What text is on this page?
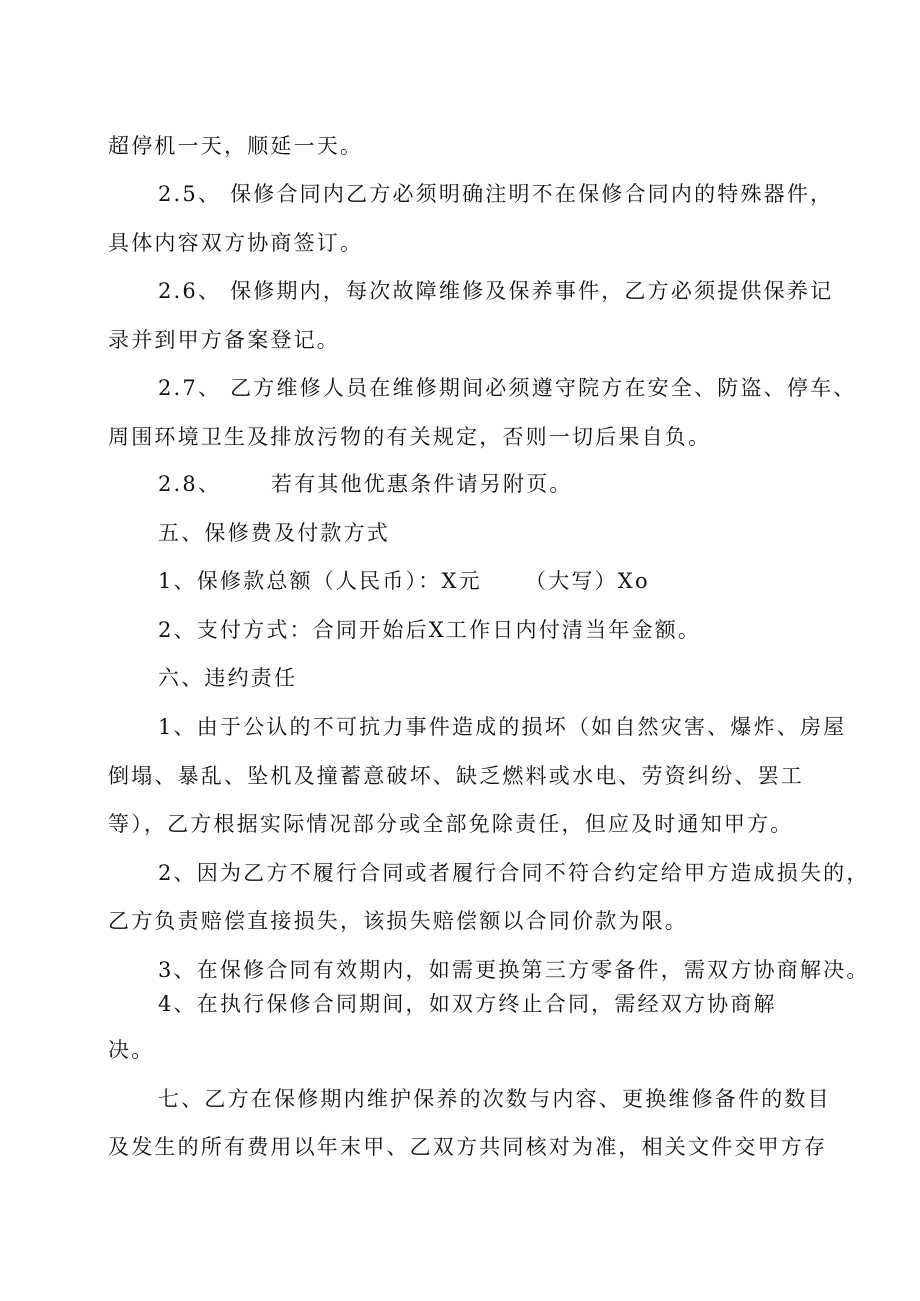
超停机一天，顺延一天。
2.5、 保修合同内乙方必须明确注明不在保修合同内的特殊器件，
具体内容双方协商签订。
2.6、 保修期内，每次故障维修及保养事件，乙方必须提供保养记
录并到甲方备案登记。
2.7、 乙方维修人员在维修期间必须遵守院方在安全、防盗、停车、
周围环境卫生及排放污物的有关规定，否则一切后果自负。
2.8、 若有其他优惠条件请另附页。
五、保修费及付款方式
1、保修款总额（人民币）：X元 （大写）Xo
2、支付方式：合同开始后X工作日内付清当年金额。
六、违约责任
1、由于公认的不可抗力事件造成的损坏（如自然灾害、爆炸、房屋
倒塌、暴乱、坠机及撞蓄意破坏、缺乏燃料或水电、劳资纠纷、罢工
等），乙方根据实际情况部分或全部免除责任，但应及时通知甲方。
2、因为乙方不履行合同或者履行合同不符合约定给甲方造成损失的，
乙方负责赔偿直接损失，该损失赔偿额以合同价款为限。
3、在保修合同有效期内，如需更换第三方零备件，需双方协商解决。
4、在执行保修合同期间，如双方终止合同，需经双方协商解
决。
七、乙方在保修期内维护保养的次数与内容、更换维修备件的数目
及发生的所有费用以年末甲、乙双方共同核对为准，相关文件交甲方存
